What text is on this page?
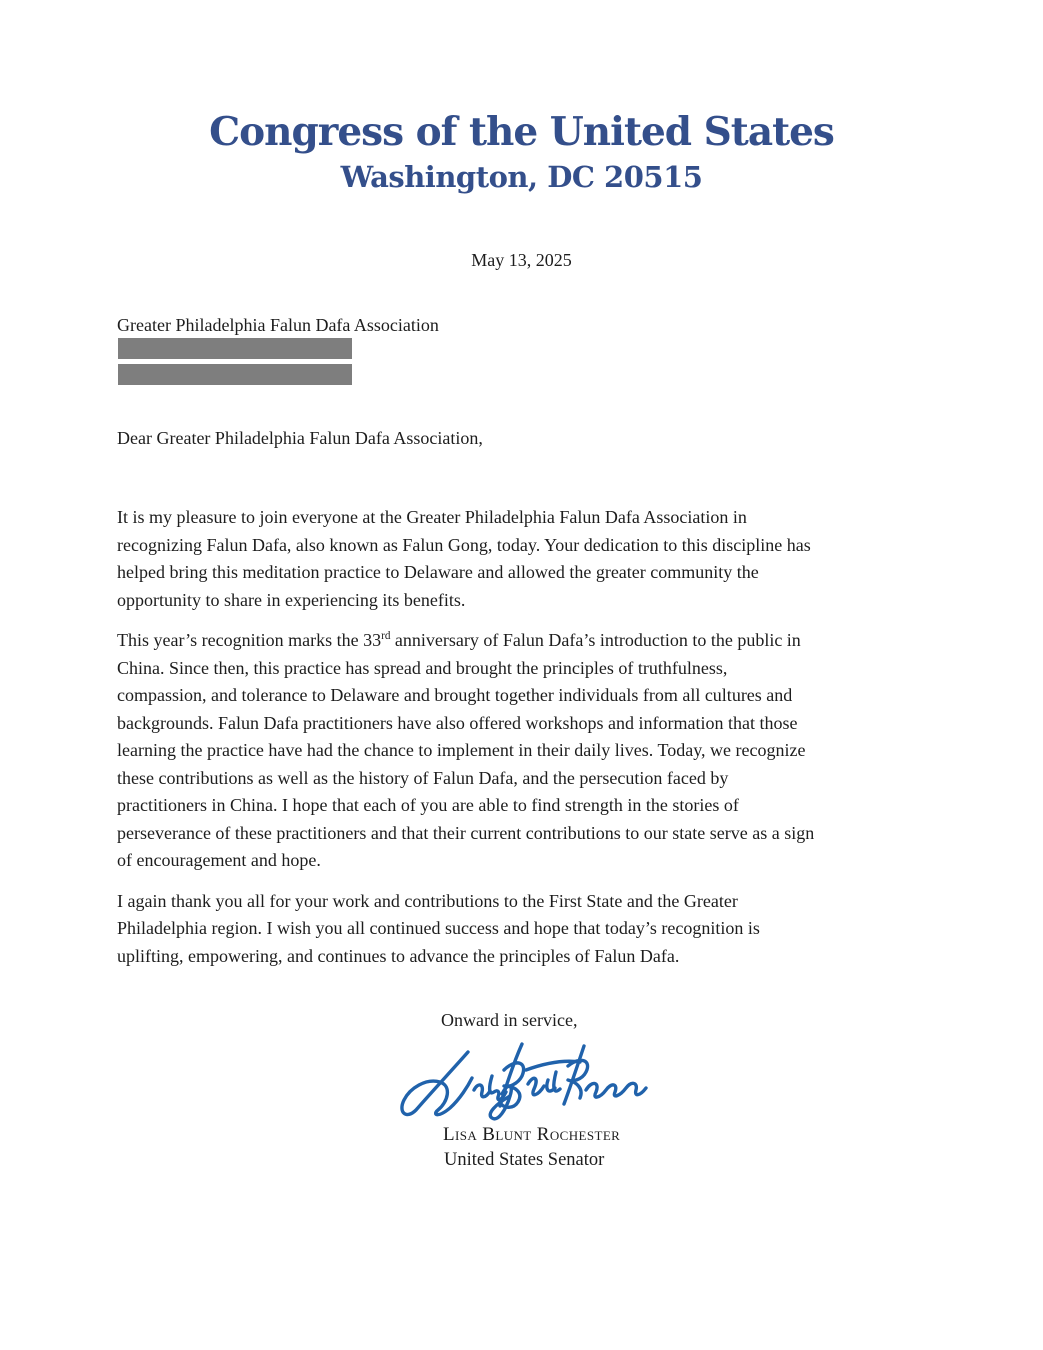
Congress of the United States
Washington, DC 20515
May 13, 2025
Greater Philadelphia Falun Dafa Association
Dear Greater Philadelphia Falun Dafa Association,

It is my pleasure to join everyone at the Greater Philadelphia Falun Dafa Association in
recognizing Falun Dafa, also known as Falun Gong, today. Your dedication to this discipline has
helped bring this meditation practice to Delaware and allowed the greater community the
opportunity to share in experiencing its benefits.

This year’s recognition marks the 33rd anniversary of Falun Dafa’s introduction to the public in
China. Since then, this practice has spread and brought the principles of truthfulness,
compassion, and tolerance to Delaware and brought together individuals from all cultures and
backgrounds. Falun Dafa practitioners have also offered workshops and information that those
learning the practice have had the chance to implement in their daily lives. Today, we recognize
these contributions as well as the history of Falun Dafa, and the persecution faced by
practitioners in China. I hope that each of you are able to find strength in the stories of
perseverance of these practitioners and that their current contributions to our state serve as a sign
of encouragement and hope.

I again thank you all for your work and contributions to the First State and the Greater
Philadelphia region. I wish you all continued success and hope that today’s recognition is
uplifting, empowering, and continues to advance the principles of Falun Dafa.

Onward in service,
Lisa Blunt Rochester
United States Senator
